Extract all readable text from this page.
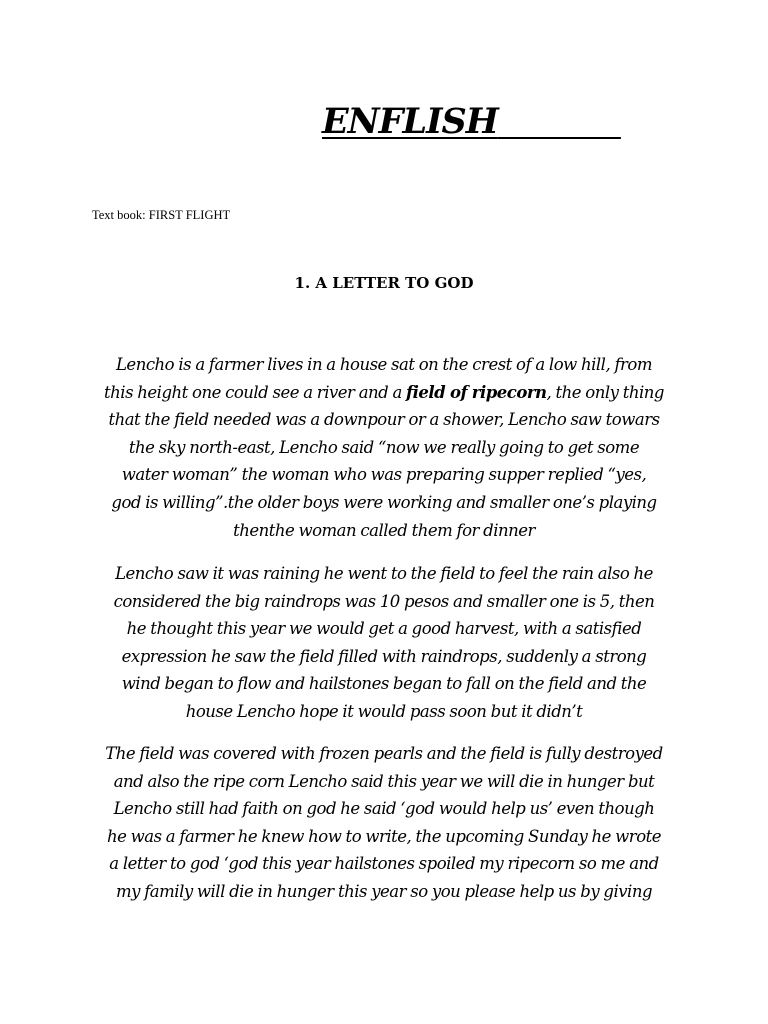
ENFLISH
Text book: FIRST FLIGHT
1. A LETTER TO GOD
Lencho is a farmer lives in a house sat on the crest of a low hill, from
this height one could see a river and a field of ripecorn, the only thing
that the field needed was a downpour or a shower, Lencho saw towars
the sky north-east, Lencho said “now we really going to get some
water woman” the woman who was preparing supper replied “yes,
god is willing”.the older boys were working and smaller one’s playing
thenthe woman called them for dinner
Lencho saw it was raining he went to the field to feel the rain also he
considered the big raindrops was 10 pesos and smaller one is 5, then
he thought this year we would get a good harvest, with a satisfied
expression he saw the field filled with raindrops, suddenly a strong
wind began to flow and hailstones began to fall on the field and the
house Lencho hope it would pass soon but it didn’t
The field was covered with frozen pearls and the field is fully destroyed
and also the ripe corn Lencho said this year we will die in hunger but
Lencho still had faith on god he said ‘god would help us’ even though
he was a farmer he knew how to write, the upcoming Sunday he wrote
a letter to god ‘god this year hailstones spoiled my ripecorn so me and
my family will die in hunger this year so you please help us by giving
